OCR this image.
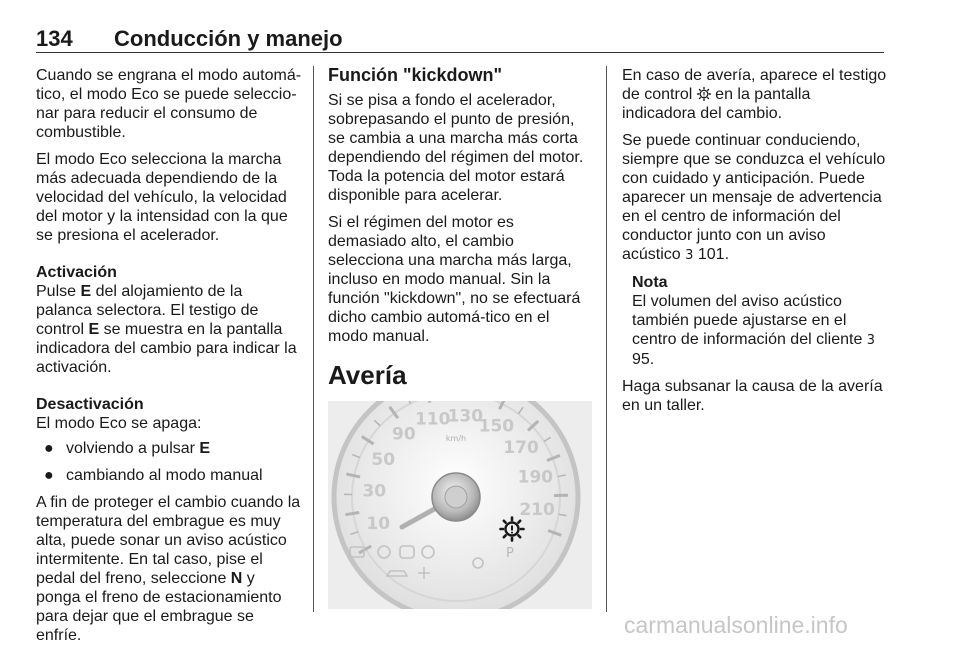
134 Conducción y manejo

Cuando se engrana el modo automá-tico, el modo Eco se puede seleccio-nar para reducir el consumo de combustible.

El modo Eco selecciona la marcha más adecuada dependiendo de la velocidad del vehículo, la velocidad del motor y la intensidad con la que se presiona el acelerador.

Activación

Pulse E del alojamiento de la palanca selectora. El testigo de control E se muestra en la pantalla indicadora del cambio para indicar la activación.

Desactivación

El modo Eco se apaga:

● volviendo a pulsar E
● cambiando al modo manual

A fin de proteger el cambio cuando la temperatura del embrague es muy alta, puede sonar un aviso acústico intermitente. En tal caso, pise el pedal del freno, seleccione N y ponga el freno de estacionamiento para dejar que el embrague se enfríe.

Función "kickdown"

Si se pisa a fondo el acelerador, sobrepasando el punto de presión, se cambia a una marcha más corta dependiendo del régimen del motor. Toda la potencia del motor estará disponible para acelerar.

Si el régimen del motor es demasiado alto, el cambio selecciona una marcha más larga, incluso en modo manual. Sin la función "kickdown", no se efectuará dicho cambio automá-tico en el modo manual.

Avería

10
30
50
90
110
130
150
170
190
210
km/h
P

En caso de avería, aparece el testigo de control  en la pantalla indicadora del cambio.

Se puede continuar conduciendo, siempre que se conduzca el vehículo con cuidado y anticipación. Puede aparecer un mensaje de advertencia en el centro de información del conductor junto con un aviso acústico 3 101.

Nota

El volumen del aviso acústico también puede ajustarse en el centro de información del cliente 3 95.

Haga subsanar la causa de la avería en un taller.

carmanualsonline.info
